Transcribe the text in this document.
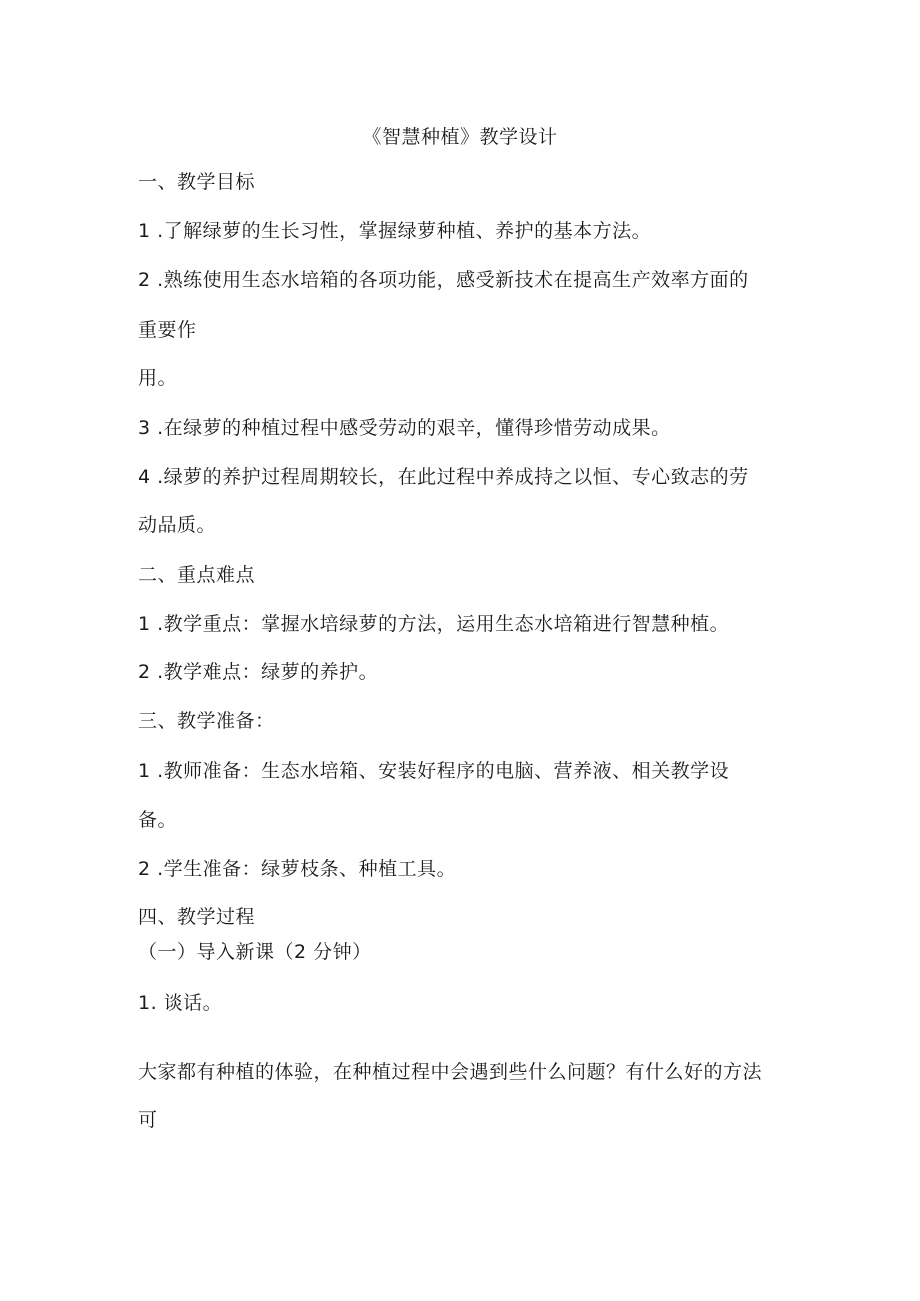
《智慧种植》教学设计
一、教学目标
1 .了解绿萝的生长习性，掌握绿萝种植、养护的基本方法。
2 .熟练使用生态水培箱的各项功能，感受新技术在提高生产效率方面的
重要作
用。
3 .在绿萝的种植过程中感受劳动的艰辛，懂得珍惜劳动成果。
4 .绿萝的养护过程周期较长，在此过程中养成持之以恒、专心致志的劳
动品质。
二、重点难点
1 .教学重点：掌握水培绿萝的方法，运用生态水培箱进行智慧种植。
2 .教学难点：绿萝的养护。
三、教学准备：
1 .教师准备：生态水培箱、安装好程序的电脑、营养液、相关教学设
备。
2 .学生准备：绿萝枝条、种植工具。
四、教学过程
（一）导入新课（2 分钟）
1. 谈话。
大家都有种植的体验，在种植过程中会遇到些什么问题？有什么好的方法
可
